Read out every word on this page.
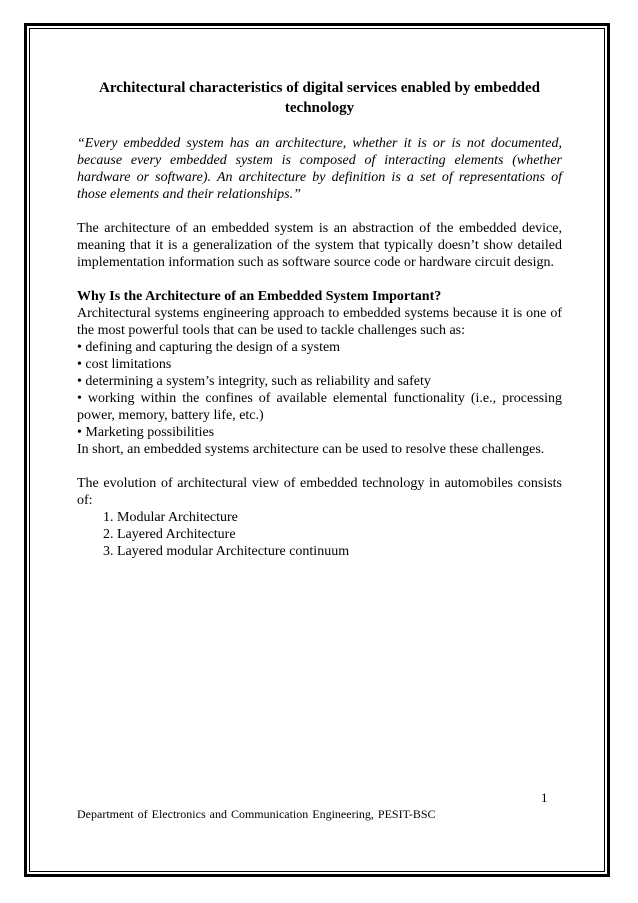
Architectural characteristics of digital services enabled by embedded technology

“Every embedded system has an architecture, whether it is or is not documented, because every embedded system is composed of interacting elements (whether hardware or software). An architecture by definition is a set of representations of those elements and their relationships.”

The architecture of an embedded system is an abstraction of the embedded device, meaning that it is a generalization of the system that typically doesn’t show detailed implementation information such as software source code or hardware circuit design.

Why Is the Architecture of an Embedded System Important?

Architectural systems engineering approach to embedded systems because it is one of the most powerful tools that can be used to tackle challenges such as:

• defining and capturing the design of a system

• cost limitations

• determining a system’s integrity, such as reliability and safety

• working within the confines of available elemental functionality (i.e., processing power, memory, battery life, etc.)

• Marketing possibilities

In short, an embedded systems architecture can be used to resolve these challenges.

The evolution of architectural view of embedded technology in automobiles consists of:

1. Modular Architecture
2. Layered Architecture
3. Layered modular Architecture continuum
1
Department of Electronics and Communication Engineering, PESIT-BSC
